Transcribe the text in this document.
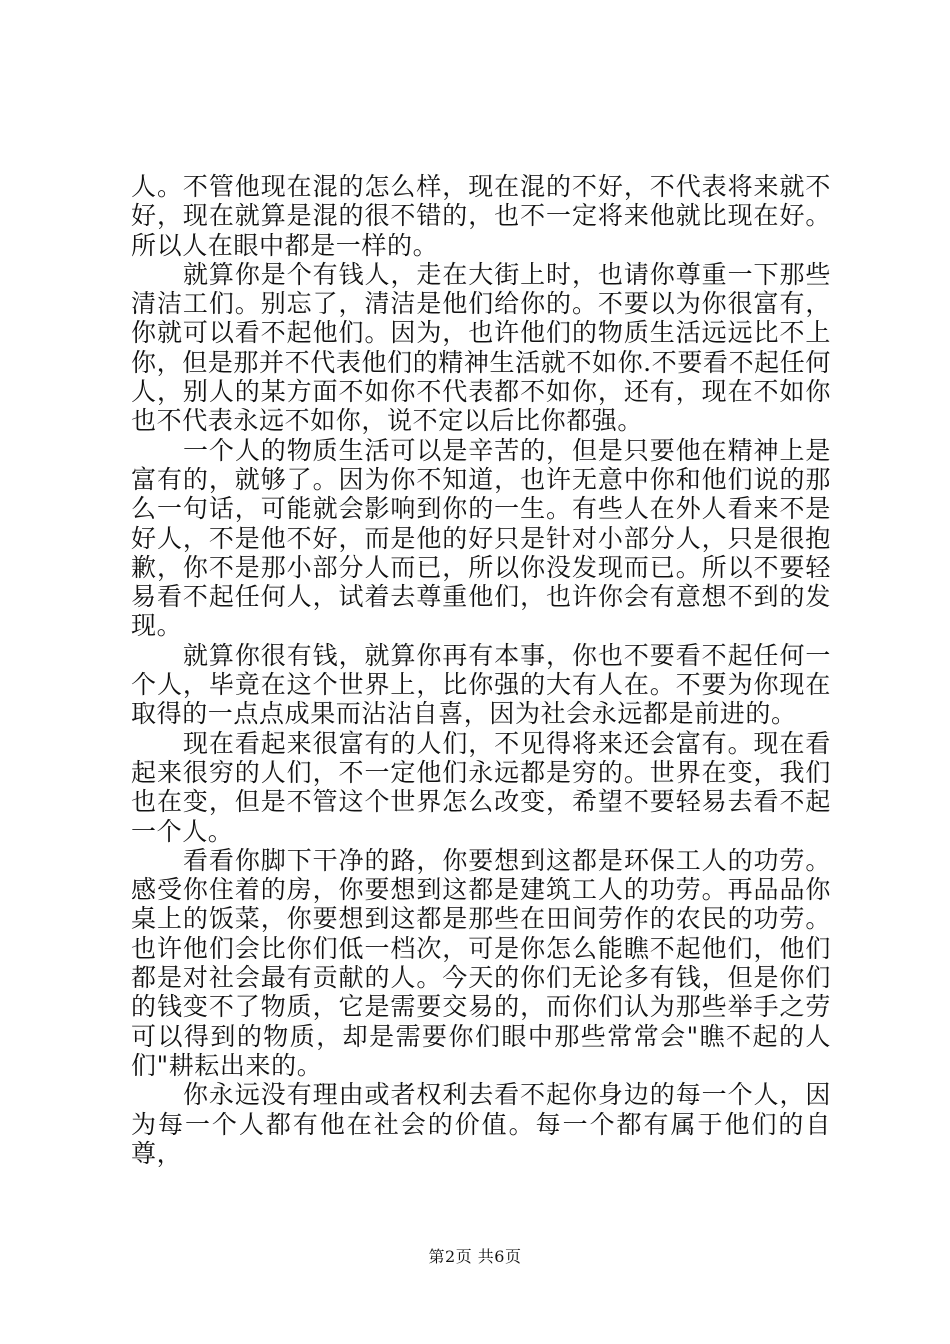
人。不管他现在混的怎么样，现在混的不好，不代表将来就不好，现在就算是混的很不错的，也不一定将来他就比现在好。所以人在眼中都是一样的。

就算你是个有钱人，走在大街上时，也请你尊重一下那些清洁工们。别忘了，清洁是他们给你的。不要以为你很富有，你就可以看不起他们。因为，也许他们的物质生活远远比不上你，但是那并不代表他们的精神生活就不如你.不要看不起任何人，别人的某方面不如你不代表都不如你，还有，现在不如你也不代表永远不如你，说不定以后比你都强。

一个人的物质生活可以是辛苦的，但是只要他在精神上是富有的，就够了。因为你不知道，也许无意中你和他们说的那么一句话，可能就会影响到你的一生。有些人在外人看来不是好人，不是他不好，而是他的好只是针对小部分人，只是很抱歉，你不是那小部分人而已，所以你没发现而已。所以不要轻易看不起任何人，试着去尊重他们，也许你会有意想不到的发现。

就算你很有钱，就算你再有本事，你也不要看不起任何一个人，毕竟在这个世界上，比你强的大有人在。不要为你现在取得的一点点成果而沾沾自喜，因为社会永远都是前进的。

现在看起来很富有的人们，不见得将来还会富有。现在看起来很穷的人们，不一定他们永远都是穷的。世界在变，我们也在变，但是不管这个世界怎么改变，希望不要轻易去看不起一个人。

看看你脚下干净的路，你要想到这都是环保工人的功劳。感受你住着的房，你要想到这都是建筑工人的功劳。再品品你桌上的饭菜，你要想到这都是那些在田间劳作的农民的功劳。也许他们会比你们低一档次，可是你怎么能瞧不起他们，他们都是对社会最有贡献的人。今天的你们无论多有钱，但是你们的钱变不了物质，它是需要交易的，而你们认为那些举手之劳可以得到的物质，却是需要你们眼中那些常常会"瞧不起的人们"耕耘出来的。

你永远没有理由或者权利去看不起你身边的每一个人，因为每一个人都有他在社会的价值。每一个都有属于他们的自尊，

第2页 共6页
